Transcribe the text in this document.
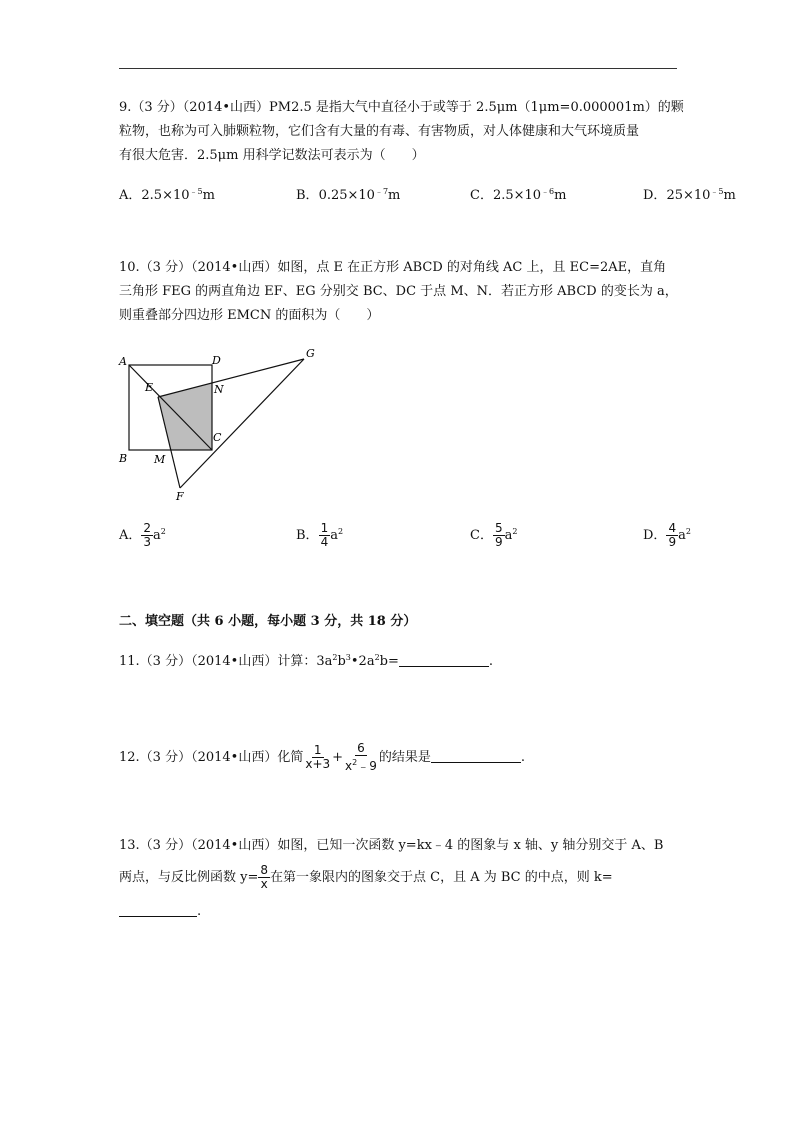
9.（3 分）（2014•山西）PM2.5 是指大气中直径小于或等于 2.5μm（1μm=0.000001m）的颗
粒物，也称为可入肺颗粒物，它们含有大量的有毒、有害物质，对人体健康和大气环境质量
有很大危害．2.5μm 用科学记数法可表示为（　　）
A．$2.5\times 10^{﹣5}m$	B．$0.25\times 10^{﹣7}m$	C．$2.5\times 10^{﹣6}m$	D．$25\times 10^{﹣5}m$
10.（3 分）（2014•山西）如图，点 E 在正方形 ABCD 的对角线 AC 上，且 EC=2AE，直角
三角形 FEG 的两直角边 EF、EG 分别交 BC、DC 于点 M、N．若正方形 ABCD 的变长为 a，
则重叠部分四边形 EMCN 的面积为（　　）
A	D
G
E	N
C
B M
F
A． $\frac{2}{3} a^2$	B． $\frac{1}{4} a^2$	C． $\frac{5}{9} a^2$	D． $\frac{4}{9} a^2$
二、填空题（共 6 小题，每小题 3 分，共 18 分）
11.（3 分）（2014•山西）计算：$3a^2b^3•2a^2b=$	.
12.（3 分）（2014•山西）化简 $\frac{1}{x+3} + \frac{6}{x^2﹣9}$ 的结果是	.
13.（3 分）（2014•山西）如图，已知一次函数 y=kx﹣4 的图象与 x 轴、y 轴分别交于 A、B
两点，与反比例函数 $y= \frac{8}{x}$ 在第一象限内的图象交于点 C，且 A 为 BC 的中点，则 k=
.
